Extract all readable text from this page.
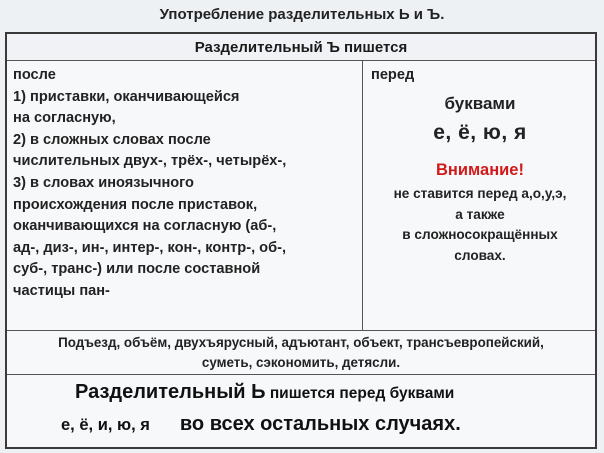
Употребление разделительных Ь и Ъ.
Разделительный Ъ пишется
после
1) приставки, оканчивающейся
на согласную,
2) в сложных словах после
числительных двух-, трёх-, четырёх-,
3) в словах иноязычного
происхождения после приставок,
оканчивающихся на согласную (аб-,
ад-, диз-, ин-, интер-, кон-, контр-, об-,
суб-, транс-) или после составной
частицы пан-
перед
буквами
е, ё, ю, я
Внимание!
не ставится перед а,о,у,э,
а также
в сложносокращённых
словах.
Подъезд, объём, двухъярусный, адъютант, объект, трансъевропейский,
суметь, сэкономить, детясли.
Разделительный Ь пишется перед буквами
е, ё, и, ю, я во всех остальных случаях.
